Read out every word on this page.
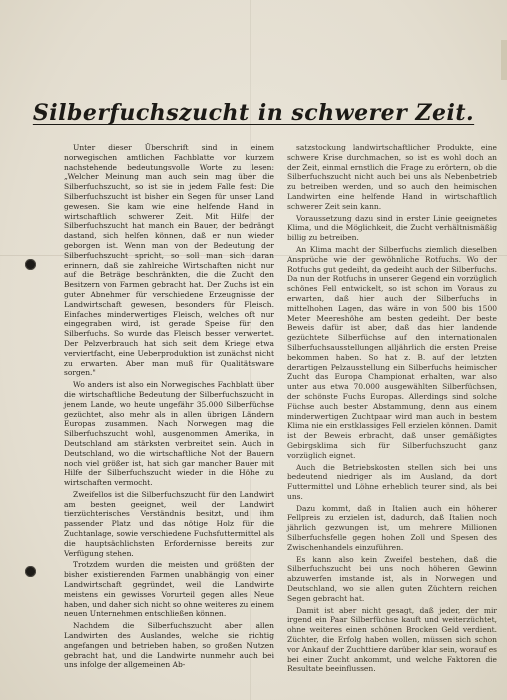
Silberfuchszucht in schwerer Zeit.

Unter dieser Überschrift sind in einem norwegischen amtlichen Fachblatte vor kurzem nachstehende bedeutungsvolle Worte zu lesen: „Welcher Meinung man auch sein mag über die Silberfuchszucht, so ist sie in jedem Falle fest: Die Silberfuchszucht ist bisher ein Segen für unser Land gewesen. Sie kam wie eine helfende Hand in wirtschaftlich schwerer Zeit. Mit Hilfe der Silberfuchszucht hat manch ein Bauer, der bedrängt dastand, sich helfen können, daß er nun wieder geborgen ist. Wenn man von der Bedeutung der Silberfuchszucht spricht, so soll man sich daran erinnern, daß sie zahlreiche Wirtschaften nicht nur auf die Beträge beschränkten, die die Zucht den Besitzern von Farmen gebracht hat. Der Zuchs ist ein guter Abnehmer für verschiedene Erzeugnisse der Landwirtschaft gewesen, besonders für Fleisch. Einfaches minderwertiges Fleisch, welches oft nur eingegraben wird, ist gerade Speise für den Silberfuchs. So wurde das Fleisch besser verwertet. Der Pelzverbrauch hat sich seit dem Kriege etwa verviertfacht, eine Ueberproduktion ist zunächst nicht zu erwarten. Aber man muß für Qualitätsware sorgen."

Wo anders ist also ein Norwegisches Fachblatt über die wirtschaftliche Bedeutung der Silberfuchszucht in jenem Lande, wo heute ungefähr 35.000 Silberfüchse gezüchtet, also mehr als in allen übrigen Ländern Europas zusammen. Nach Norwegen mag die Silberfuchszucht wohl, ausgenommen Amerika, in Deutschland am stärksten verbreitet sein. Auch in Deutschland, wo die wirtschaftliche Not der Bauern noch viel größer ist, hat sich gar mancher Bauer mit Hilfe der Silberfuchszucht wieder in die Höhe zu wirtschaften vermocht.

Zweifellos ist die Silberfuchszucht für den Landwirt am besten geeignet, weil der Landwirt tierzüchterisches Verständnis besitzt, und ihm passender Platz und das nötige Holz für die Zuchtanlage, sowie verschiedene Fuchsfuttermittel als die hauptsächlichsten Erfordernisse bereits zur Verfügung stehen.

Trotzdem wurden die meisten und größten der bisher existierenden Farmen unabhängig von einer Landwirtschaft gegründet, weil die Landwirte meistens ein gewisses Vorurteil gegen alles Neue haben, und daher sich nicht so ohne weiteres zu einem neuen Unternehmen entschließen können.

Nachdem die Silberfuchszucht aber allen Landwirten des Auslandes, welche sie richtig angefangen und betrieben haben, so großen Nutzen gebracht hat, und die Landwirte nunmehr auch bei uns infolge der allgemeinen Ab-

satzstockung landwirtschaftlicher Produkte, eine schwere Krise durchmachen, so ist es wohl doch an der Zeit, einmal ernstlich die Frage zu erörtern, ob die Silberfuchszucht nicht auch bei uns als Nebenbetrieb zu betreiben werden, und so auch den heimischen Landwirten eine helfende Hand in wirtschaftlich schwerer Zeit sein kann.

Voraussetzung dazu sind in erster Linie geeignetes Klima, und die Möglichkeit, die Zucht verhältnismäßig billig zu betreiben.

An Klima macht der Silberfuchs ziemlich dieselben Ansprüche wie der gewöhnliche Rotfuchs. Wo der Rotfuchs gut gedeiht, da gedeiht auch der Silberfuchs. Da nun der Rotfuchs in unserer Gegend ein vorzüglich schönes Fell entwickelt, so ist schon im Voraus zu erwarten, daß hier auch der Silberfuchs in mittelhohen Lagen, das wäre in von 500 bis 1500 Meter Meereshöhe am besten gedeiht. Der beste Beweis dafür ist aber, daß das hier landende gezüchtete Silberfüchse auf den internationalen Silberfuchsausstellungen alljährlich die ersten Preise bekommen haben. So hat z. B. auf der letzten derartigen Pelzausstellung ein Silberfuchs heimischer Zucht das Europa Championat erhalten, war also unter aus etwa 70.000 ausgewählten Silberfüchsen, der schönste Fuchs Europas. Allerdings sind solche Füchse auch bester Abstammung, denn aus einem minderwertigen Zuchtpaar wird man auch in bestem Klima nie ein erstklassiges Fell erzielen können. Damit ist der Beweis erbracht, daß unser gemäßigtes Gebirgsklima sich für Silberfuchszucht ganz vorzüglich eignet.

Auch die Betriebskosten stellen sich bei uns bedeutend niedriger als im Ausland, da dort Futtermittel und Löhne erheblich teurer sind, als bei uns.

Dazu kommt, daß in Italien auch ein höherer Fellpreis zu erzielen ist, dadurch, daß Italien noch jährlich gezwungen ist, um mehrere Millionen Silberfuchsfelle gegen hohen Zoll und Spesen des Zwischenhandels einzuführen.

Es kann also kein Zweifel bestehen, daß die Silberfuchszucht bei uns noch höheren Gewinn abzuwerfen imstande ist, als in Norwegen und Deutschland, wo sie allen guten Züchtern reichen Segen gebracht hat.

Damit ist aber nicht gesagt, daß jeder, der mir irgend ein Paar Silberfüchse kauft und weiterzüchtet, ohne weiteres einen schönen Brocken Geld verdient. Züchter, die Erfolg haben wollen, müssen sich schon vor Ankauf der Zuchttiere darüber klar sein, worauf es bei einer Zucht ankommt, und welche Faktoren die Resultate beeinflussen.
